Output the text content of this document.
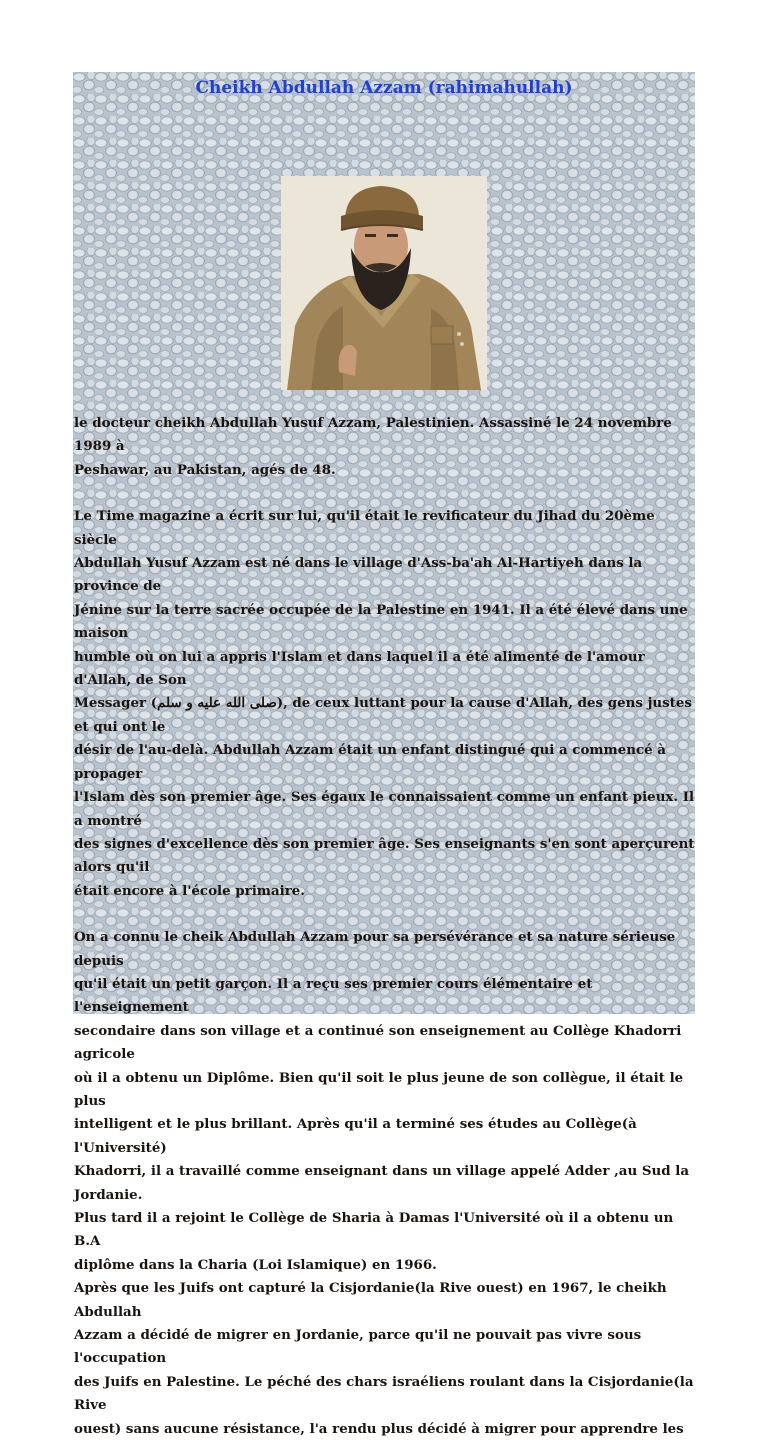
Cheikh Abdullah Azzam (rahimahullah)

le docteur cheikh Abdullah Yusuf Azzam, Palestinien. Assassiné le 24 novembre 1989 à
Peshawar, au Pakistan, agés de 48.

Le Time magazine a écrit sur lui, qu'il était le revificateur du Jihad du 20ème siècle
Abdullah Yusuf Azzam est né dans le village d'Ass-ba'ah Al-Hartiyeh dans la province de
Jénine sur la terre sacrée occupée de la Palestine en 1941. Il a été élevé dans une maison
humble où on lui a appris l'Islam et dans laquel il a été alimenté de l'amour d'Allah, de Son
Messager (صلى الله عليه و سلم), de ceux luttant pour la cause d'Allah, des gens justes et qui ont le
désir de l'au-delà. Abdullah Azzam était un enfant distingué qui a commencé à propager
l'Islam dès son premier âge. Ses égaux le connaissaient comme un enfant pieux. Il a montré
des signes d'excellence dès son premier âge. Ses enseignants s'en sont aperçurent alors qu'il
était encore à l'école primaire.

On a connu le cheik Abdullah Azzam pour sa persévérance et sa nature sérieuse depuis
qu'il était un petit garçon. Il a reçu ses premier cours élémentaire et l'enseignement
secondaire dans son village et a continué son enseignement au Collège Khadorri agricole
où il a obtenu un Diplôme. Bien qu'il soit le plus jeune de son collègue, il était le plus
intelligent et le plus brillant. Après qu'il a terminé ses études au Collège(à l'Université)
Khadorri, il a travaillé comme enseignant dans un village appelé Adder ,au Sud la Jordanie.
Plus tard il a rejoint le Collège de Sharia à Damas l'Université où il a obtenu un B.A
diplôme dans la Charia (Loi Islamique) en 1966.
Après que les Juifs ont capturé la Cisjordanie(la Rive ouest) en 1967, le cheikh Abdullah
Azzam a décidé de migrer en Jordanie, parce qu'il ne pouvait pas vivre sous l'occupation
des Juifs en Palestine. Le péché des chars israéliens roulant dans la Cisjordanie(la Rive
ouest) sans aucune résistance, l'a rendu plus décidé à migrer pour apprendre les
